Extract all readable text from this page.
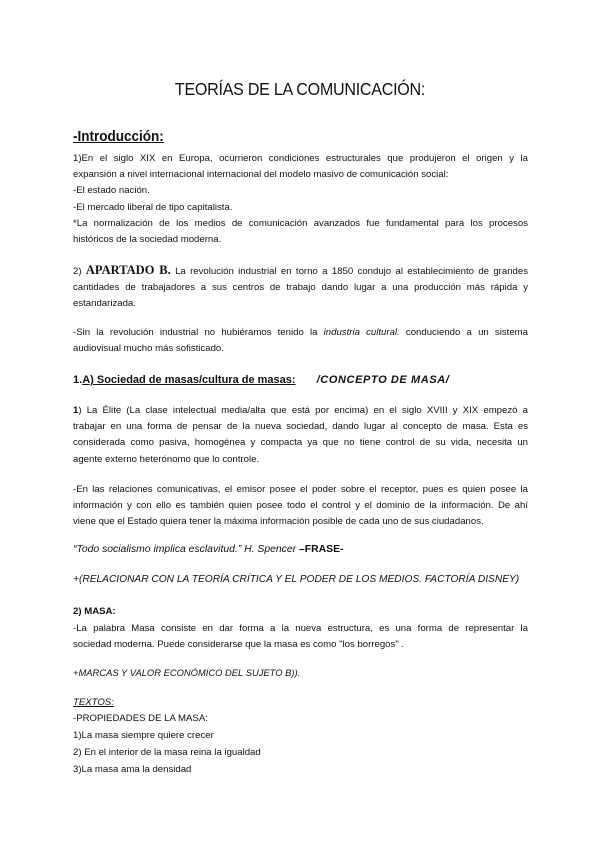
TEORÍAS DE LA COMUNICACIÓN:
-Introducción:
1)En el siglo XIX en Europa, ocurrieron condiciones estructurales que produjeron el origen y la
expansión a nivel internacional internacional del modelo masivo de comunicación social:
-El estado nación.
-El mercado liberal de tipo capitalista.
*La normalización de los medios de comunicación avanzados fue fundamental para los procesos
históricos de la sociedad moderna.
2) APARTADO B. La revolución industrial en torno a 1850 condujo al establecimiento de grandes
cantidades de trabajadores a sus centros de trabajo dando lugar a una producción más rápida y
estandarizada.
-Sin la revolución industrial no hubiéramos tenido la industria cultural. conduciendo a un sistema
audiovisual mucho más sofisticado.
1.A) Sociedad de masas/cultura de masas: /CONCEPTO DE MASA/
1) La Élite (La clase intelectual media/alta que está por encima) en el siglo XVIII y XIX empezó a
trabajar en una forma de pensar de la nueva sociedad, dando lugar al concepto de masa. Esta es
considerada como pasiva, homogénea y compacta ya que no tiene control de su vida, necesita un
agente externo heterónomo que lo controle.
-En las relaciones comunicativas, el emisor posee el poder sobre el receptor, pues es quien posee la
información y con ello es también quien posee todo el control y el dominio de la información. De ahí
viene que el Estado quiera tener la máxima información posible de cada uno de sus ciudadanos.
“Todo socialismo implica esclavitud.” H. Spencer –FRASE-
+(RELACIONAR CON LA TEORÍA CRÍTICA Y EL PODER DE LOS MEDIOS. FACTORÍA DISNEY)
2) MASA:
-La palabra Masa consiste en dar forma a la nueva estructura, es una forma de representar la
sociedad moderna. Puede considerarse que la masa es como "los borregos" .
+MARCAS Y VALOR ECONÓMICO DEL SUJETO B)).
TEXTOS:
-PROPIEDADES DE LA MASA:
1)La masa siempre quiere crecer
2) En el interior de la masa reina la igualdad
3)La masa ama la densidad
